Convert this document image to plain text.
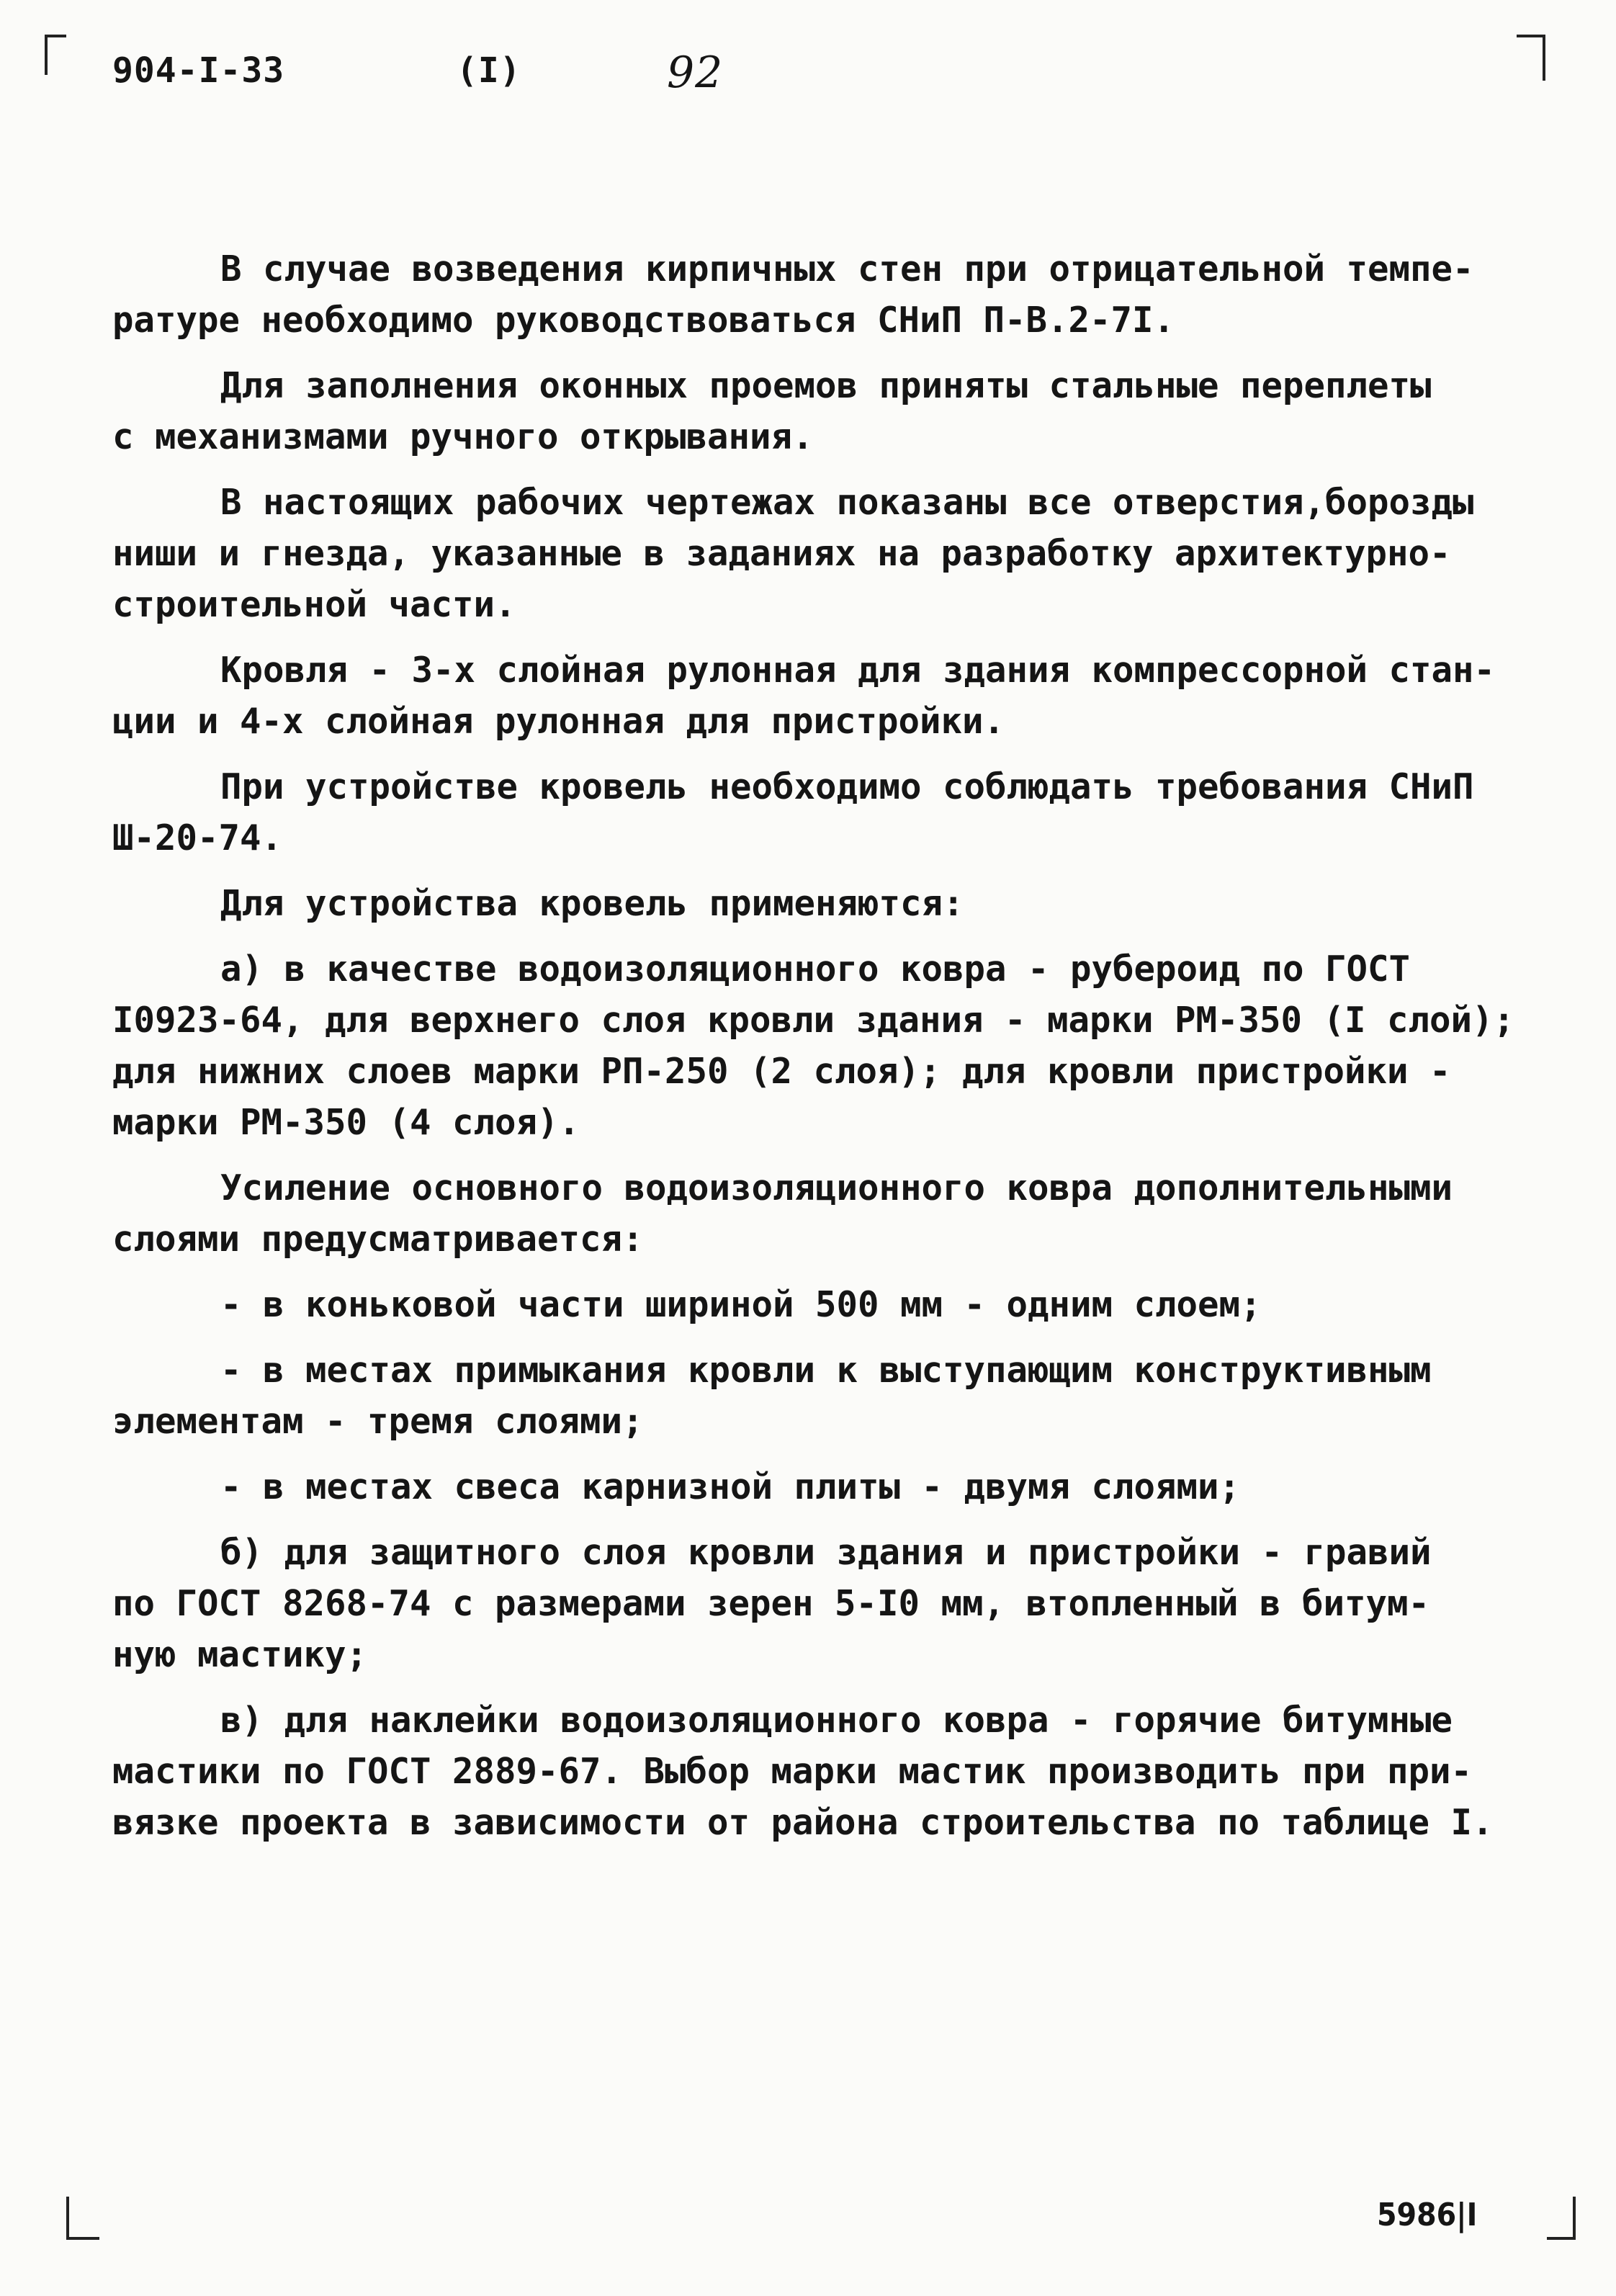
904-I-33	(I)	92

В случае возведения кирпичных стен при отрицательной темпе-
ратуре необходимо руководствоваться СНиП П-В.2-7I.

Для заполнения оконных проемов приняты стальные переплеты
с механизмами ручного открывания.

В настоящих рабочих чертежах показаны все отверстия,борозды
ниши и гнезда, указанные в заданиях на разработку архитектурно-
строительной части.

Кровля - 3-х слойная рулонная для здания компрессорной стан-
ции и 4-х слойная рулонная для пристройки.

При устройстве кровель необходимо соблюдать требования СНиП
Ш-20-74.

Для устройства кровель применяются:

а) в качестве водоизоляционного ковра - рубероид по ГОСТ
I0923-64, для верхнего слоя кровли здания - марки РМ-350 (I слой);
для нижних слоев марки РП-250 (2 слоя); для кровли пристройки -
марки РМ-350 (4 слоя).

Усиление основного водоизоляционного ковра дополнительными
слоями предусматривается:

- в коньковой части шириной 500 мм - одним слоем;

- в местах примыкания кровли к выступающим конструктивным
элементам - тремя слоями;

- в местах свеса карнизной плиты - двумя слоями;

б) для защитного слоя кровли здания и пристройки - гравий
по ГОСТ 8268-74 с размерами зерен 5-I0 мм, втопленный в битум-
ную мастику;

в) для наклейки водоизоляционного ковра - горячие битумные
мастики по ГОСТ 2889-67. Выбор марки мастик производить при при-
вязке проекта в зависимости от района строительства по таблице I.

5986|I
